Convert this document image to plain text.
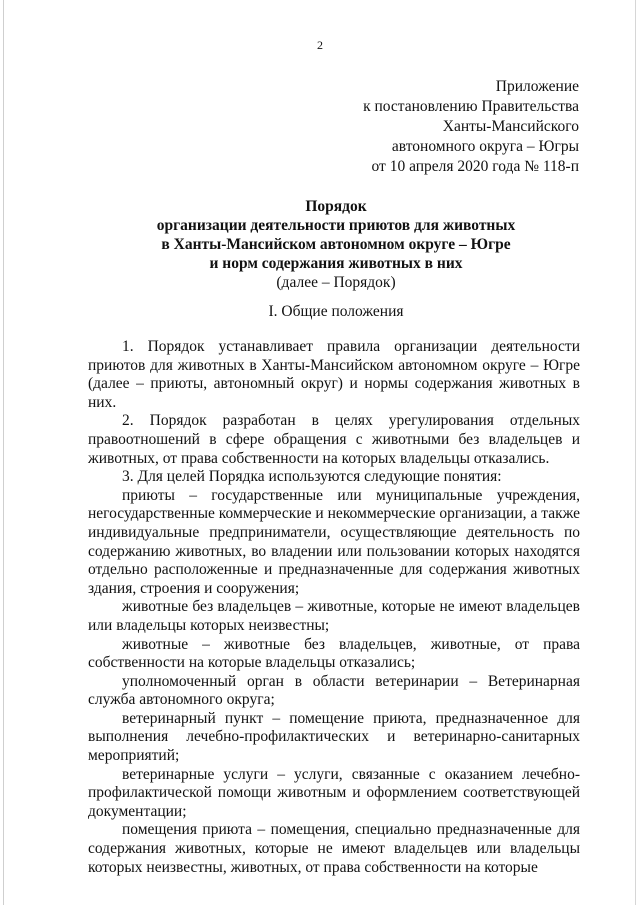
2
Приложение
к постановлению Правительства
Ханты-Мансийского
автономного округа – Югры
от 10 апреля 2020 года № 118-п
Порядок
организации деятельности приютов для животных
в Ханты-Мансийском автономном округе – Югре
и норм содержания животных в них
(далее – Порядок)
I. Общие положения

1. Порядок устанавливает правила организации деятельности приютов для животных в Ханты-Мансийском автономном округе – Югре (далее – приюты, автономный округ) и нормы содержания животных в них.

2. Порядок разработан в целях урегулирования отдельных правоотношений в сфере обращения с животными без владельцев и животных, от права собственности на которых владельцы отказались.

3. Для целей Порядка используются следующие понятия:

приюты – государственные или муниципальные учреждения, негосударственные коммерческие и некоммерческие организации, а также индивидуальные предприниматели, осуществляющие деятельность по содержанию животных, во владении или пользовании которых находятся отдельно расположенные и предназначенные для содержания животных здания, строения и сооружения;

животные без владельцев – животные, которые не имеют владельцев или владельцы которых неизвестны;

животные – животные без владельцев, животные, от права собственности на которые владельцы отказались;

уполномоченный орган в области ветеринарии – Ветеринарная служба автономного округа;

ветеринарный пункт – помещение приюта, предназначенное для выполнения лечебно-профилактических и ветеринарно-санитарных мероприятий;

ветеринарные услуги – услуги, связанные с оказанием лечебно-профилактической помощи животным и оформлением соответствующей документации;

помещения приюта – помещения, специально предназначенные для содержания животных, которые не имеют владельцев или владельцы которых неизвестны, животных, от права собственности на которые
